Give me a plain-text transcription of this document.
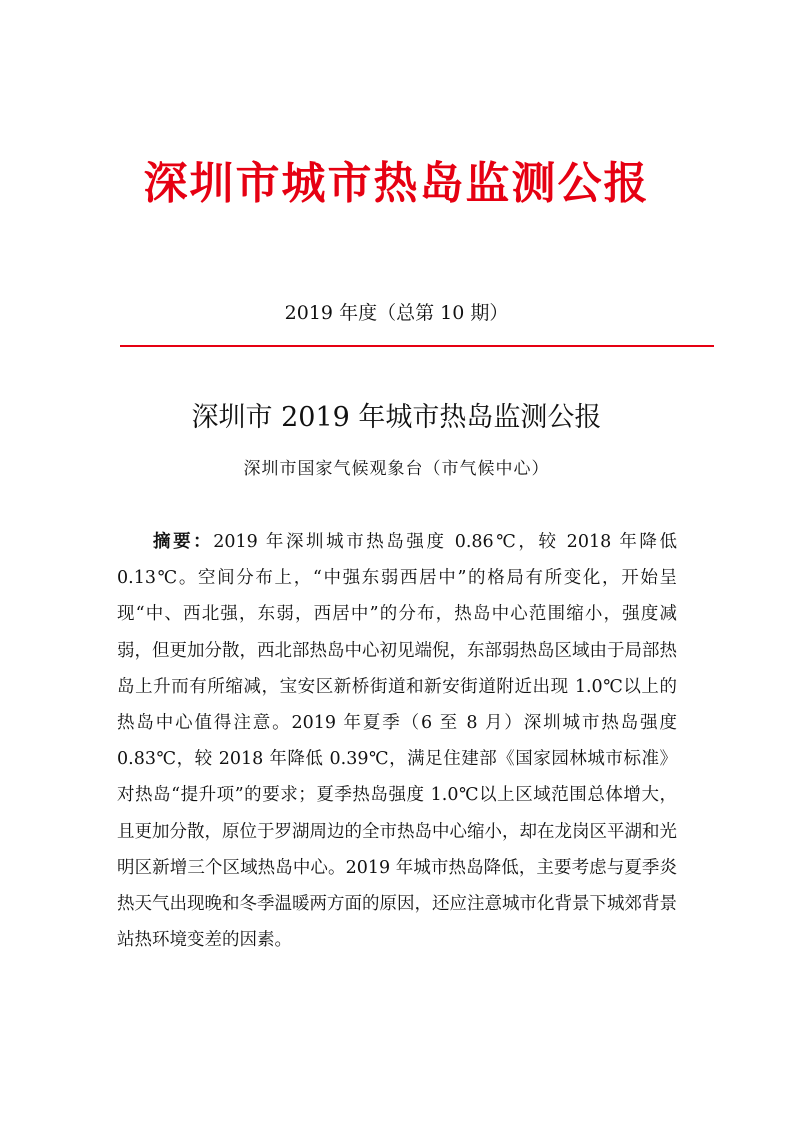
深圳市城市热岛监测公报
2019 年度（总第 10 期）
深圳市 2019 年城市热岛监测公报
深圳市国家气候观象台（市气候中心）

摘要：2019 年深圳城市热岛强度 0.86℃，较 2018 年降低 0.13℃。空间分布上，“中强东弱西居中”的格局有所变化，开始呈现“中、西北强，东弱，西居中”的分布，热岛中心范围缩小，强度减弱，但更加分散，西北部热岛中心初见端倪，东部弱热岛区域由于局部热岛上升而有所缩减，宝安区新桥街道和新安街道附近出现 1.0℃以上的热岛中心值得注意。2019 年夏季（6 至 8 月）深圳城市热岛强度 0.83℃，较 2018 年降低 0.39℃，满足住建部《国家园林城市标准》对热岛“提升项”的要求；夏季热岛强度 1.0℃以上区域范围总体增大，且更加分散，原位于罗湖周边的全市热岛中心缩小，却在龙岗区平湖和光明区新增三个区域热岛中心。2019 年城市热岛降低，主要考虑与夏季炎热天气出现晚和冬季温暖两方面的原因，还应注意城市化背景下城郊背景站热环境变差的因素。
